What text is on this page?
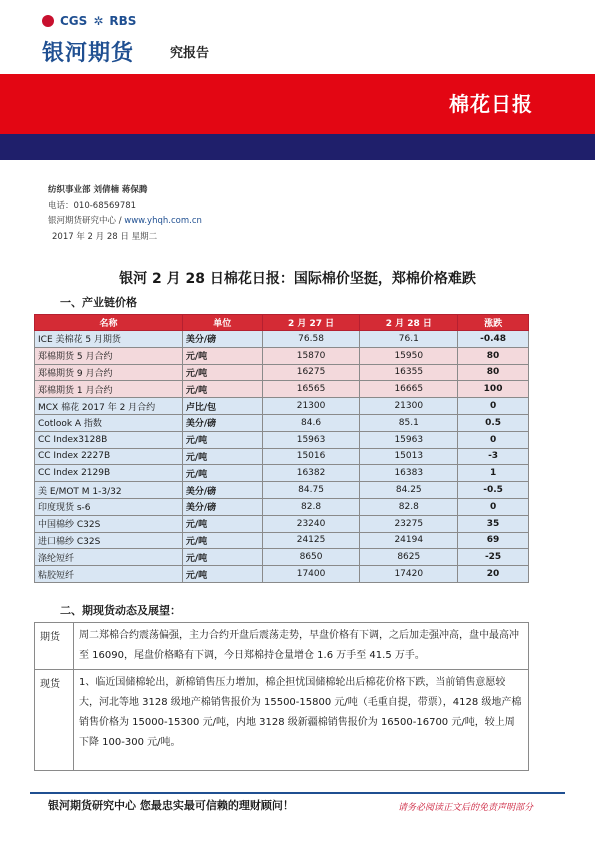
CGS ✲ RBS
银河期货	究报告
棉花日报
纺织事业部 刘倩楠 蒋保腾
电话：010-68569781
银河期货研究中心 / www.yhqh.com.cn
2017 年 2 月 28 日 星期二
银河 2 月 28 日棉花日报：国际棉价坚挺，郑棉价格难跌
一、产业链价格
名称	单位	2 月 27 日	2 月 28 日	涨跌
ICE 美棉花 5 月期货	美分/磅	76.58	76.1	-0.48
郑棉期货 5 月合约	元/吨	15870	15950	80
郑棉期货 9 月合约	元/吨	16275	16355	80
郑棉期货 1 月合约	元/吨	16565	16665	100
MCX 棉花 2017 年 2 月合约	卢比/包	21300	21300	0
Cotlook A 指数	美分/磅	84.6	85.1	0.5
CC Index3128B	元/吨	15963	15963	0
CC Index 2227B	元/吨	15016	15013	-3
CC Index 2129B	元/吨	16382	16383	1
美 E/MOT M 1-3/32	美分/磅	84.75	84.25	-0.5
印度现货 s-6	美分/磅	82.8	82.8	0
中国棉纱 C32S	元/吨	23240	23275	35
进口棉纱 C32S	元/吨	24125	24194	69
涤纶短纤	元/吨	8650	8625	-25
粘胶短纤	元/吨	17400	17420	20
二、期现货动态及展望：
期货	周二郑棉合约震荡偏强，主力合约开盘后震荡走势，早盘价格有下调，之后加走强冲高，盘中最高冲至 16090，尾盘价格略有下调，今日郑棉持仓量增仓 1.6 万手至 41.5 万手。
现货	1、临近国储棉轮出，新棉销售压力增加，棉企担忧国储棉轮出后棉花价格下跌，当前销售意愿较大，河北等地 3128 级地产棉销售报价为 15500-15800 元/吨（毛重自提，带票），4128 级地产棉销售价格为 15000-15300 元/吨，内地 3128 级新疆棉销售报价为 16500-16700 元/吨，较上周下降 100-300 元/吨。
银河期货研究中心 您最忠实最可信赖的理财顾问！	请务必阅读正文后的免责声明部分
